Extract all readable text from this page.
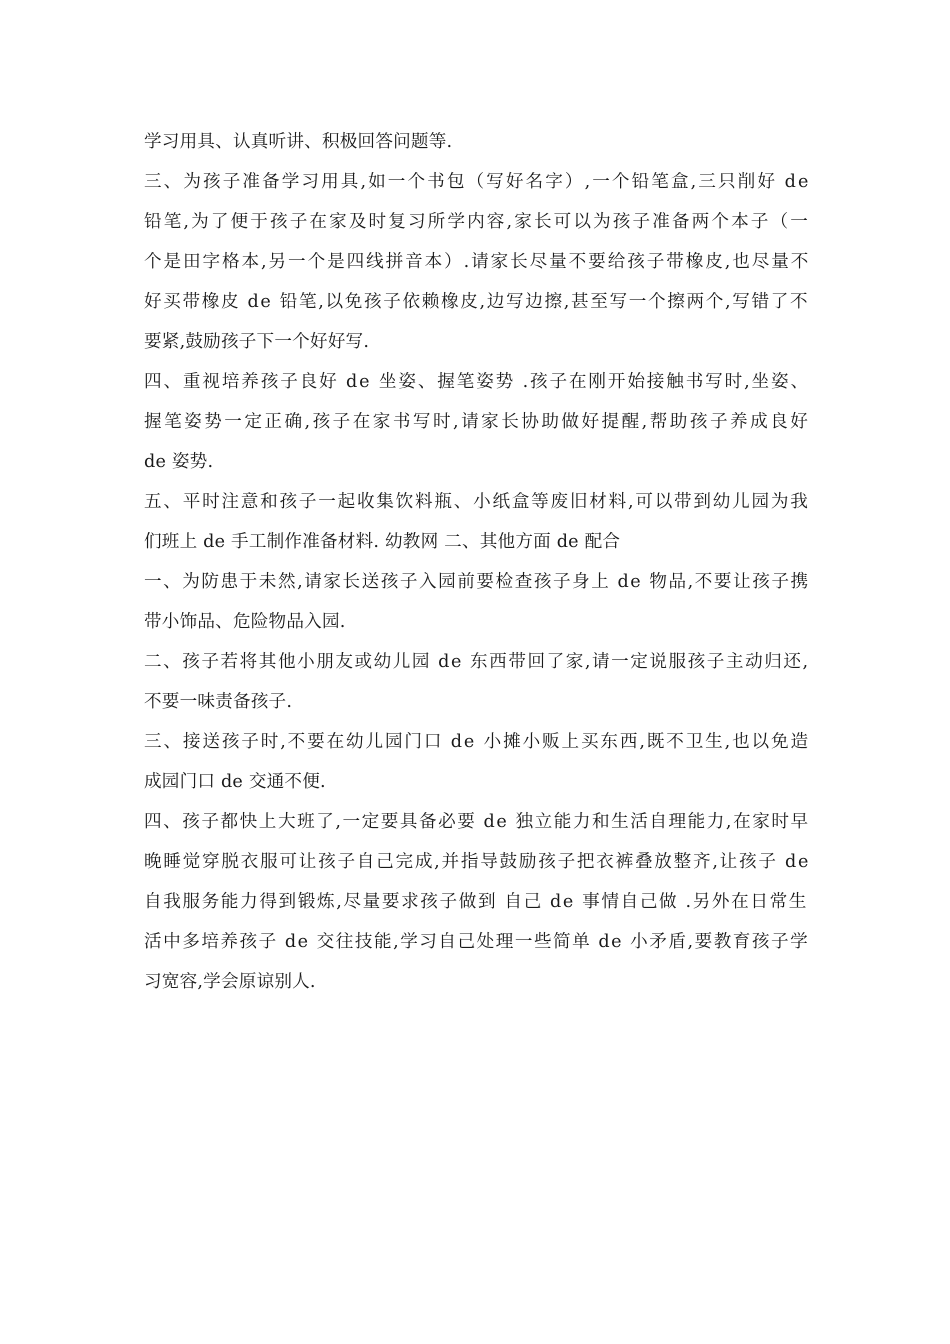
学习用具、认真听讲、积极回答问题等.

三、为孩子准备学习用具,如一个书包（写好名字）,一个铅笔盒,三只削好 de
铅笔,为了便于孩子在家及时复习所学内容,家长可以为孩子准备两个本子（一
个是田字格本,另一个是四线拼音本）.请家长尽量不要给孩子带橡皮,也尽量不
好买带橡皮 de 铅笔,以免孩子依赖橡皮,边写边擦,甚至写一个擦两个,写错了不
要紧,鼓励孩子下一个好好写.

四、重视培养孩子良好 de 坐姿、握笔姿势 .孩子在刚开始接触书写时,坐姿、
握笔姿势一定正确,孩子在家书写时,请家长协助做好提醒,帮助孩子养成良好
de 姿势.

五、平时注意和孩子一起收集饮料瓶、小纸盒等废旧材料,可以带到幼儿园为我
们班上 de 手工制作准备材料. 幼教网 二、其他方面 de 配合

一、为防患于未然,请家长送孩子入园前要检查孩子身上 de 物品,不要让孩子携
带小饰品、危险物品入园.

二、孩子若将其他小朋友或幼儿园 de 东西带回了家,请一定说服孩子主动归还,
不要一味责备孩子.

三、接送孩子时,不要在幼儿园门口 de 小摊小贩上买东西,既不卫生,也以免造
成园门口 de 交通不便.

四、孩子都快上大班了,一定要具备必要 de 独立能力和生活自理能力,在家时早
晚睡觉穿脱衣服可让孩子自己完成,并指导鼓励孩子把衣裤叠放整齐,让孩子 de
自我服务能力得到锻炼,尽量要求孩子做到 自己 de 事情自己做 .另外在日常生
活中多培养孩子 de 交往技能,学习自己处理一些简单 de 小矛盾,要教育孩子学
习宽容,学会原谅别人.
